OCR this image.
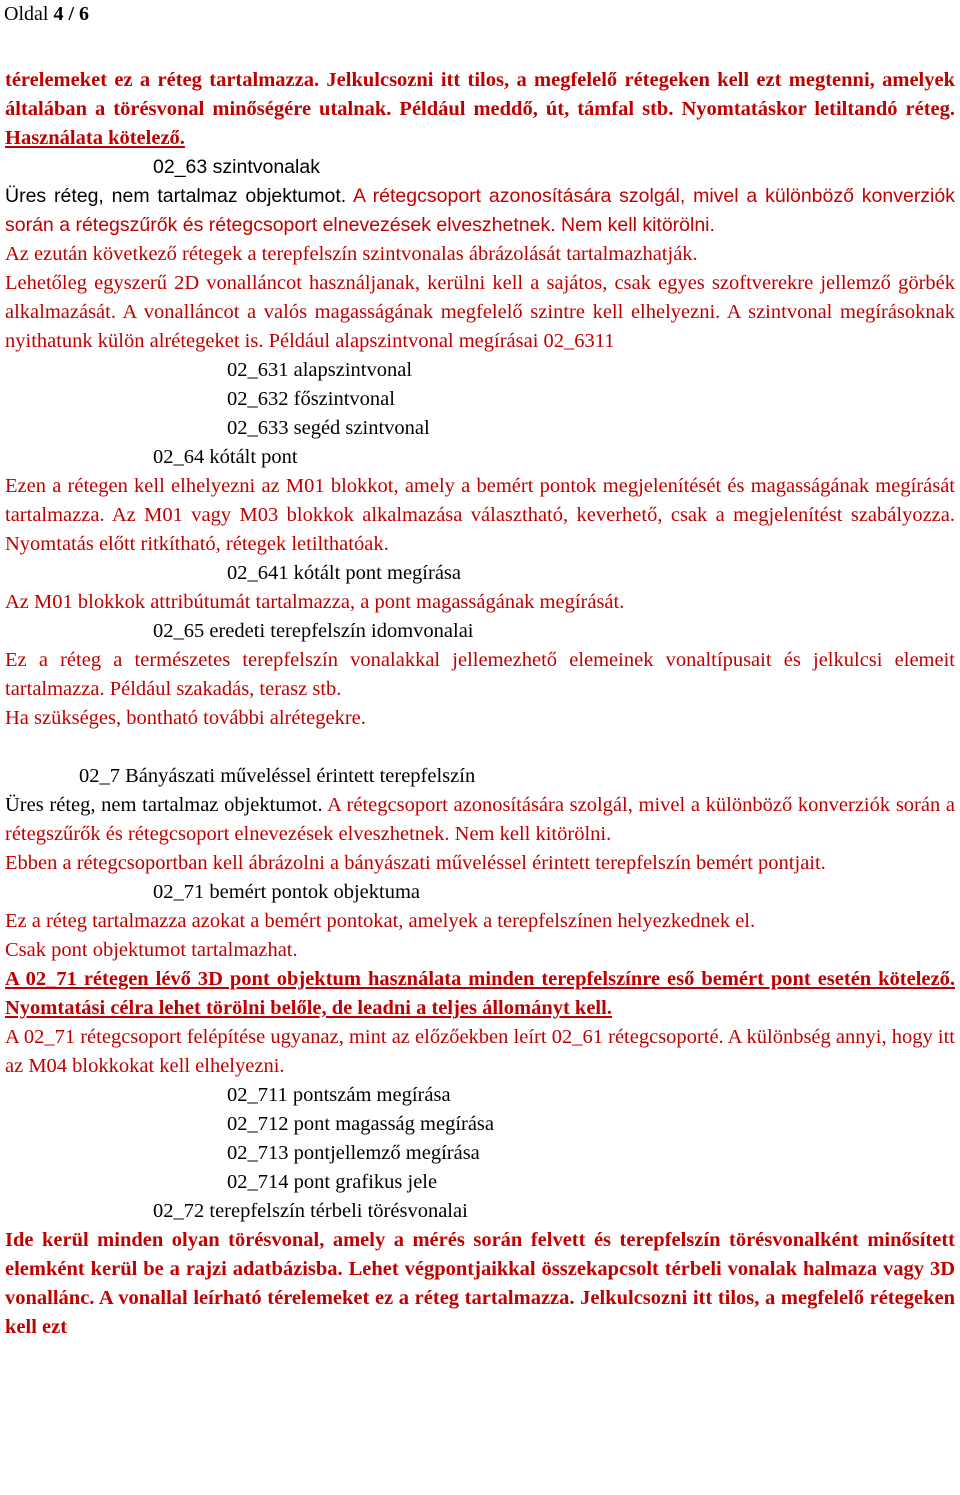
Oldal 4 / 6

térelemeket ez a réteg tartalmazza. Jelkulcsozni itt tilos, a megfelelő rétegeken kell ezt megtenni, amelyek általában a törésvonal minőségére utalnak. Például meddő, út, támfal stb. Nyomtatáskor letiltandó réteg. Használata kötelező.

02_63 szintvonalak

Üres réteg, nem tartalmaz objektumot. A rétegcsoport azonosítására szolgál, mivel a különböző konverziók során a rétegszűrők és rétegcsoport elnevezések elveszhetnek. Nem kell kitörölni.

Az ezután következő rétegek a terepfelszín szintvonalas ábrázolását tartalmazhatják.

Lehetőleg egyszerű 2D vonalláncot használjanak, kerülni kell a sajátos, csak egyes szoftverekre jellemző görbék alkalmazását. A vonalláncot a valós magasságának megfelelő szintre kell elhelyezni. A szintvonal megírásoknak nyithatunk külön alrétegeket is. Például alapszintvonal megírásai 02_6311

02_631 alapszintvonal

02_632 főszintvonal

02_633 segéd szintvonal

02_64 kótált pont

Ezen a rétegen kell elhelyezni az M01 blokkot, amely a bemért pontok megjelenítését és magasságának megírását tartalmazza. Az M01 vagy M03 blokkok alkalmazása választható, keverhető, csak a megjelenítést szabályozza. Nyomtatás előtt ritkítható, rétegek letilthatóak.

02_641 kótált pont megírása

Az M01 blokkok attribútumát tartalmazza, a pont magasságának megírását.

02_65 eredeti terepfelszín idomvonalai

Ez a réteg a természetes terepfelszín vonalakkal jellemezhető elemeinek vonaltípusait és jelkulcsi elemeit tartalmazza. Például szakadás, terasz stb.

Ha szükséges, bontható további alrétegekre.

02_7 Bányászati műveléssel érintett terepfelszín

Üres réteg, nem tartalmaz objektumot. A rétegcsoport azonosítására szolgál, mivel a különböző konverziók során a rétegszűrők és rétegcsoport elnevezések elveszhetnek. Nem kell kitörölni.

Ebben a rétegcsoportban kell ábrázolni a bányászati műveléssel érintett terepfelszín bemért pontjait.

02_71 bemért pontok objektuma

Ez a réteg tartalmazza azokat a bemért pontokat, amelyek a terepfelszínen helyezkednek el.

Csak pont objektumot tartalmazhat.

A 02_71 rétegen lévő 3D pont objektum használata minden terepfelszínre eső bemért pont esetén kötelező. Nyomtatási célra lehet törölni belőle, de leadni a teljes állományt kell.

A 02_71 rétegcsoport felépítése ugyanaz, mint az előzőekben leírt 02_61 rétegcsoporté. A különbség annyi, hogy itt az M04 blokkokat kell elhelyezni.

02_711 pontszám megírása

02_712 pont magasság megírása

02_713 pontjellemző megírása

02_714 pont grafikus jele

02_72 terepfelszín térbeli törésvonalai

Ide kerül minden olyan törésvonal, amely a mérés során felvett és terepfelszín törésvonalként minősített elemként kerül be a rajzi adatbázisba. Lehet végpontjaikkal összekapcsolt térbeli vonalak halmaza vagy 3D vonallánc. A vonallal leírható térelemeket ez a réteg tartalmazza. Jelkulcsozni itt tilos, a megfelelő rétegeken kell ezt
